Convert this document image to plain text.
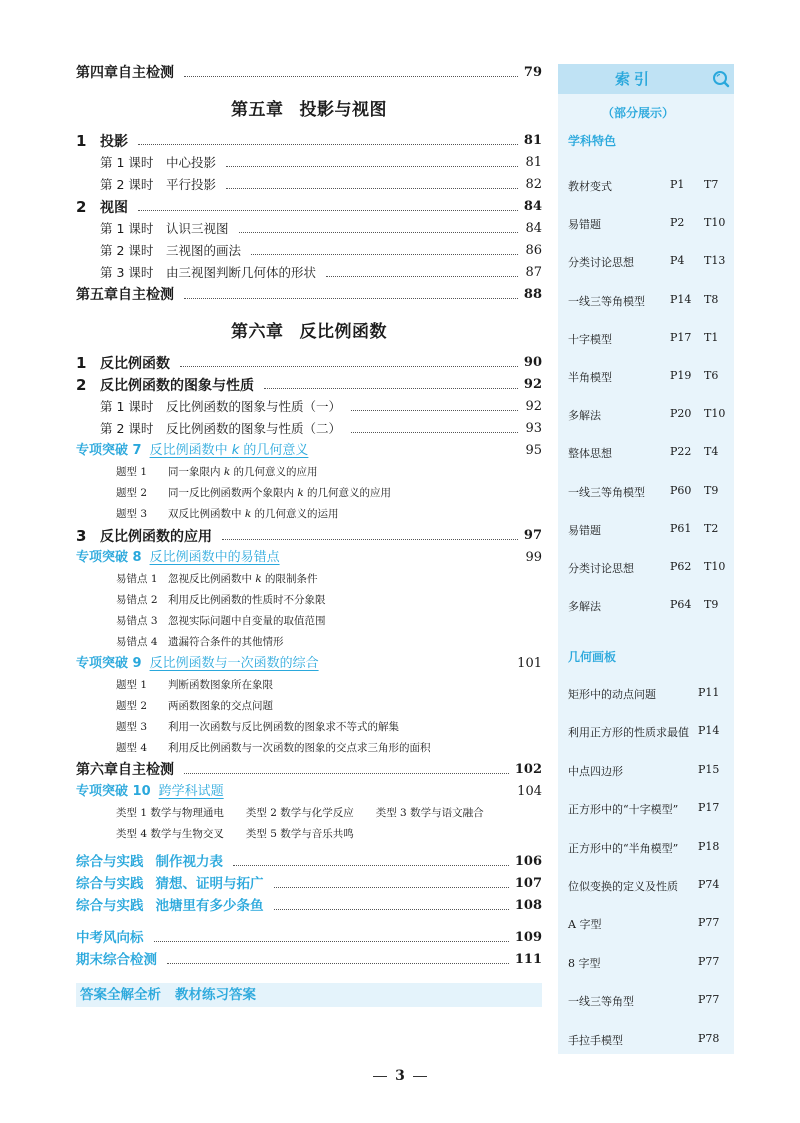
第四章自主检测	79
第五章 投影与视图
1 投影	81
第 1 课时 中心投影	81
第 2 课时 平行投影	82
2 视图	84
第 1 课时 认识三视图	84
第 2 课时 三视图的画法	86
第 3 课时 由三视图判断几何体的形状	87
第五章自主检测	88
第六章 反比例函数
1 反比例函数	90
2 反比例函数的图象与性质	92
第 1 课时 反比例函数的图象与性质（一）	92
第 2 课时 反比例函数的图象与性质（二）	93
专项突破 7 反比例函数中 k 的几何意义	95
题型 1 同一象限内 k 的几何意义的应用
题型 2 同一反比例函数两个象限内 k 的几何意义的应用
题型 3 双反比例函数中 k 的几何意义的运用
3 反比例函数的应用	97
专项突破 8 反比例函数中的易错点	99
易错点 1 忽视反比例函数中 k 的限制条件
易错点 2 利用反比例函数的性质时不分象限
易错点 3 忽视实际问题中自变量的取值范围
易错点 4 遗漏符合条件的其他情形
专项突破 9 反比例函数与一次函数的综合	101
题型 1 判断函数图象所在象限
题型 2 两函数图象的交点问题
题型 3 利用一次函数与反比例函数的图象求不等式的解集
题型 4 利用反比例函数与一次函数的图象的交点求三角形的面积
第六章自主检测	102
专项突破 10 跨学科试题	104
类型 1 数学与物理通电 类型 2 数学与化学反应 类型 3 数学与语文融合
类型 4 数学与生物交叉 类型 5 数学与音乐共鸣
综合与实践 制作视力表	106
综合与实践 猜想、证明与拓广	107
综合与实践 池塘里有多少条鱼	108
中考风向标	109
期末综合检测	111
答案全解全析 教材练习答案
索引
（部分展示）
学科特色
教材变式	P1 T7
易错题	P2 T10
分类讨论思想	P4 T13
一线三等角模型 P14 T8
十字模型	P17 T1
半角模型	P19 T6
多解法	P20 T10
整体思想	P22 T4
一线三等角模型 P60 T9
易错题	P61 T2
分类讨论思想	P62 T10
多解法	P64 T9
几何画板
矩形中的动点问题	P11
利用正方形的性质求最值 P14
中点四边形	P15
正方形中的“十字模型” P17
正方形中的“半角模型” P18
位似变换的定义及性质 P74
A 字型	P77
8 字型	P77
一线三等角型	P77
手拉手模型	P78
3
